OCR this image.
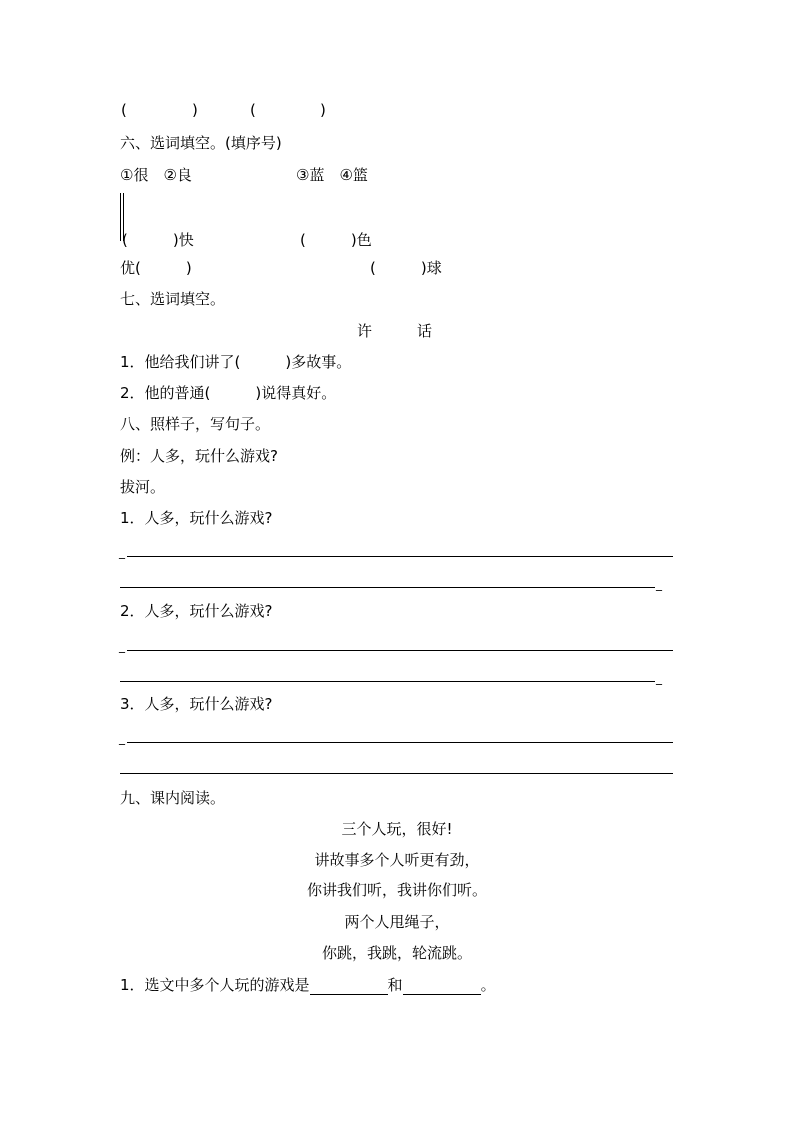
(	)	(	)
六、选词填空。(填序号)
①很　②良	③蓝　④篮
(　　　)快	(　　　)色
优(　　　)	(　　　)球
七、选词填空。
许　　　话
1．他给我们讲了(　　　)多故事。
2．他的普通(　　　)说得真好。
八、照样子，写句子。
例：人多，玩什么游戏?
拔河。
1．人多，玩什么游戏?
_
_
2．人多，玩什么游戏?
_
_
3．人多，玩什么游戏?
_
九、课内阅读。
三个人玩，很好!
讲故事多个人听更有劲，
你讲我们听，我讲你们听。
两个人甩绳子，
你跳，我跳，轮流跳。
1．选文中多个人玩的游戏是	和	。
